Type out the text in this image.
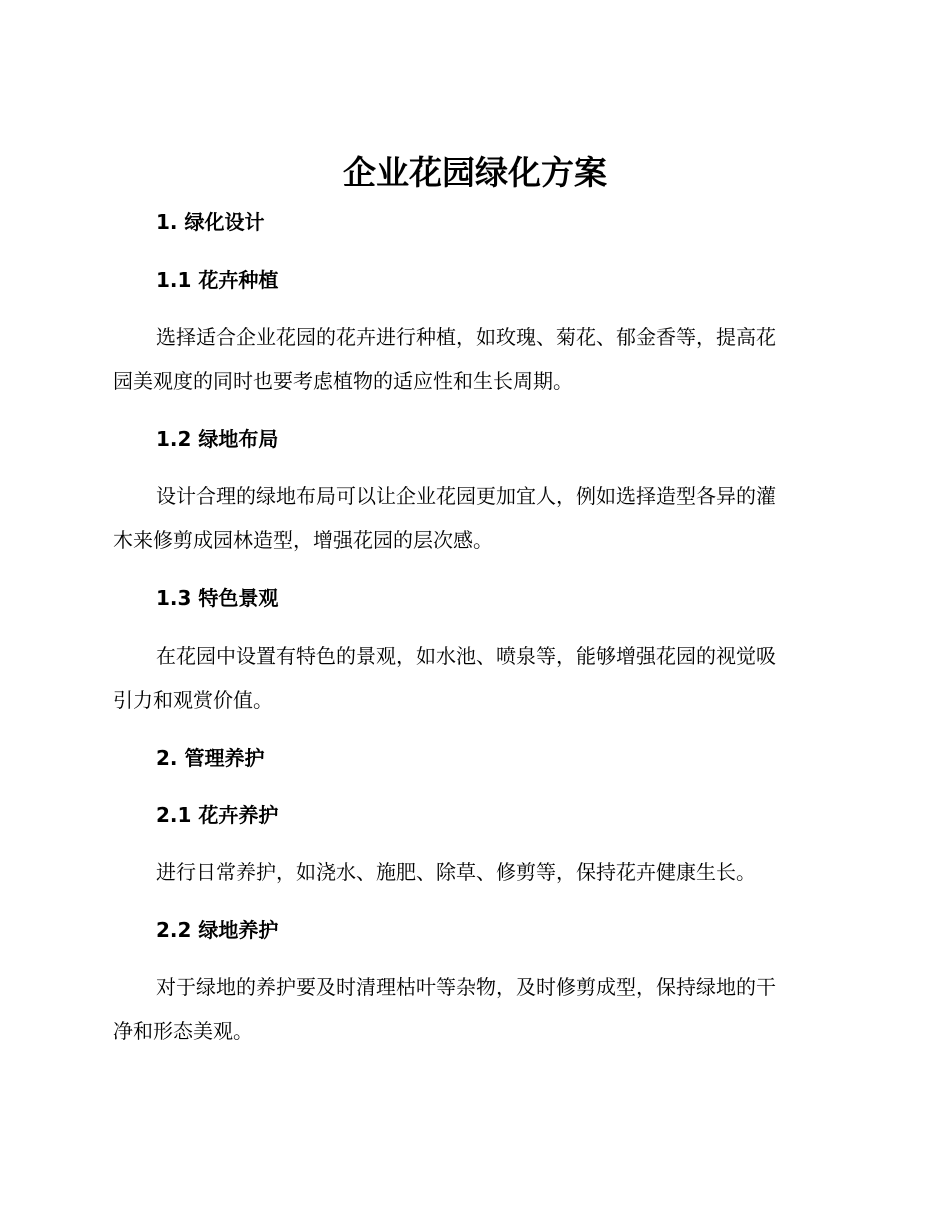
企业花园绿化方案
1. 绿化设计
1.1 花卉种植

选择适合企业花园的花卉进行种植，如玫瑰、菊花、郁金香等，提高花
园美观度的同时也要考虑植物的适应性和生长周期。

1.2 绿地布局

设计合理的绿地布局可以让企业花园更加宜人，例如选择造型各异的灌
木来修剪成园林造型，增强花园的层次感。

1.3 特色景观

在花园中设置有特色的景观，如水池、喷泉等，能够增强花园的视觉吸
引力和观赏价值。

2. 管理养护
2.1 花卉养护

进行日常养护，如浇水、施肥、除草、修剪等，保持花卉健康生长。

2.2 绿地养护

对于绿地的养护要及时清理枯叶等杂物，及时修剪成型，保持绿地的干
净和形态美观。
